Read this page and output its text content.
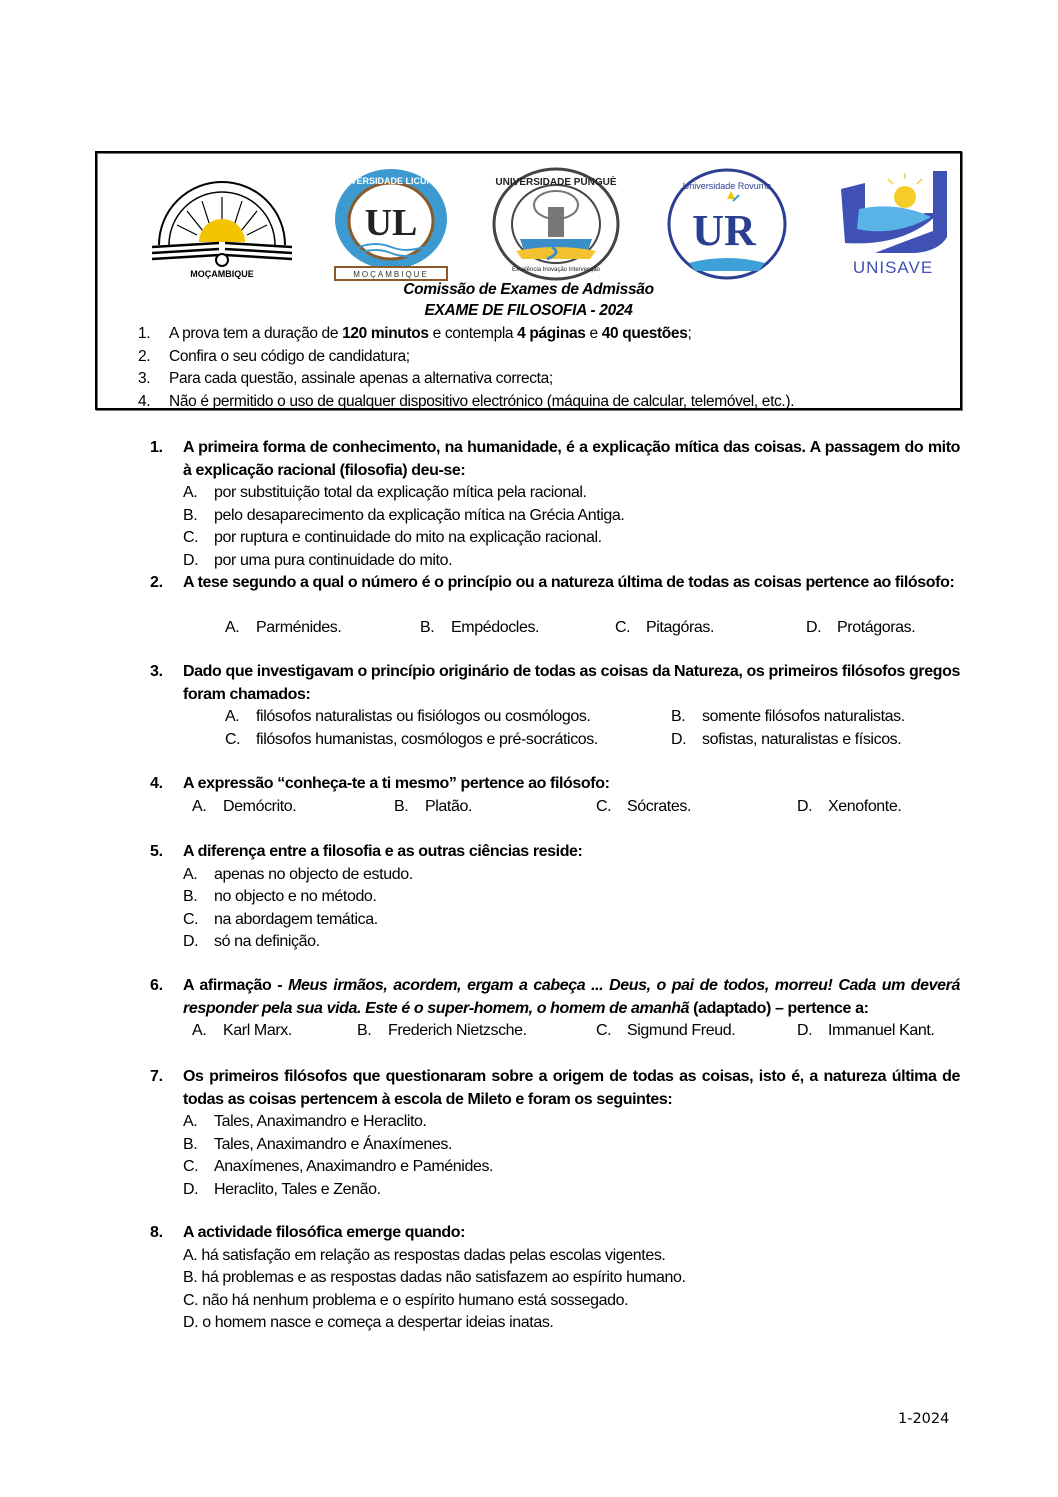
MOÇAMBIQUE
UNIVERSIDADE LICUNGO
UL
MOÇAMBIQUE
UNIVERSIDADE PÚNGUÈ
Excelência Inovação Intervenção
Universidade Rovuma
UR
UNISAVE
Comissão de Exames de Admissão
EXAME DE FILOSOFIA - 2024
1. A prova tem a duração de 120 minutos e contempla 4 páginas e 40 questões;
2. Confira o seu código de candidatura;
3. Para cada questão, assinale apenas a alternativa correcta;
4. Não é permitido o uso de qualquer dispositivo electrónico (máquina de calcular, telemóvel, etc.).
1. A primeira forma de conhecimento, na humanidade, é a explicação mítica das coisas. A passagem do mito à explicação racional (filosofia) deu-se:
A. por substituição total da explicação mítica pela racional.
B. pelo desaparecimento da explicação mítica na Grécia Antiga.
C. por ruptura e continuidade do mito na explicação racional.
D. por uma pura continuidade do mito.
2. A tese segundo a qual o número é o princípio ou a natureza última de todas as coisas pertence ao filósofo:
A. Parménides.	B. Empédocles.	C. Pitagóras.	D. Protágoras.
3. Dado que investigavam o princípio originário de todas as coisas da Natureza, os primeiros filósofos gregos foram chamados:
A. filósofos naturalistas ou fisiólogos ou cosmólogos.	B. somente filósofos naturalistas.
C. filósofos humanistas, cosmólogos e pré-socráticos.	D. sofistas, naturalistas e físicos.
4. A expressão “conheça-te a ti mesmo” pertence ao filósofo:
A. Demócrito.	B. Platão.	C. Sócrates.	D. Xenofonte.
5. A diferença entre a filosofia e as outras ciências reside:
A. apenas no objecto de estudo.
B. no objecto e no método.
C. na abordagem temática.
D. só na definição.
6. A afirmação - Meus irmãos, acordem, ergam a cabeça ... Deus, o pai de todos, morreu! Cada um deverá responder pela sua vida. Este é o super-homem, o homem de amanhã (adaptado) – pertence a:
A. Karl Marx.	B. Frederich Nietzsche.	C. Sigmund Freud.	D. Immanuel Kant.
7. Os primeiros filósofos que questionaram sobre a origem de todas as coisas, isto é, a natureza última de todas as coisas pertencem à escola de Mileto e foram os seguintes:
A. Tales, Anaximandro e Heraclito.
B. Tales, Anaximandro e Ánaxímenes.
C. Anaxímenes, Anaximandro e Paménides.
D. Heraclito, Tales e Zenão.
8. A actividade filosófica emerge quando:
A. há satisfação em relação as respostas dadas pelas escolas vigentes.
B. há problemas e as respostas dadas não satisfazem ao espírito humano.
C. não há nenhum problema e o espírito humano está sossegado.
D. o homem nasce e começa a despertar ideias inatas.
1-2024
